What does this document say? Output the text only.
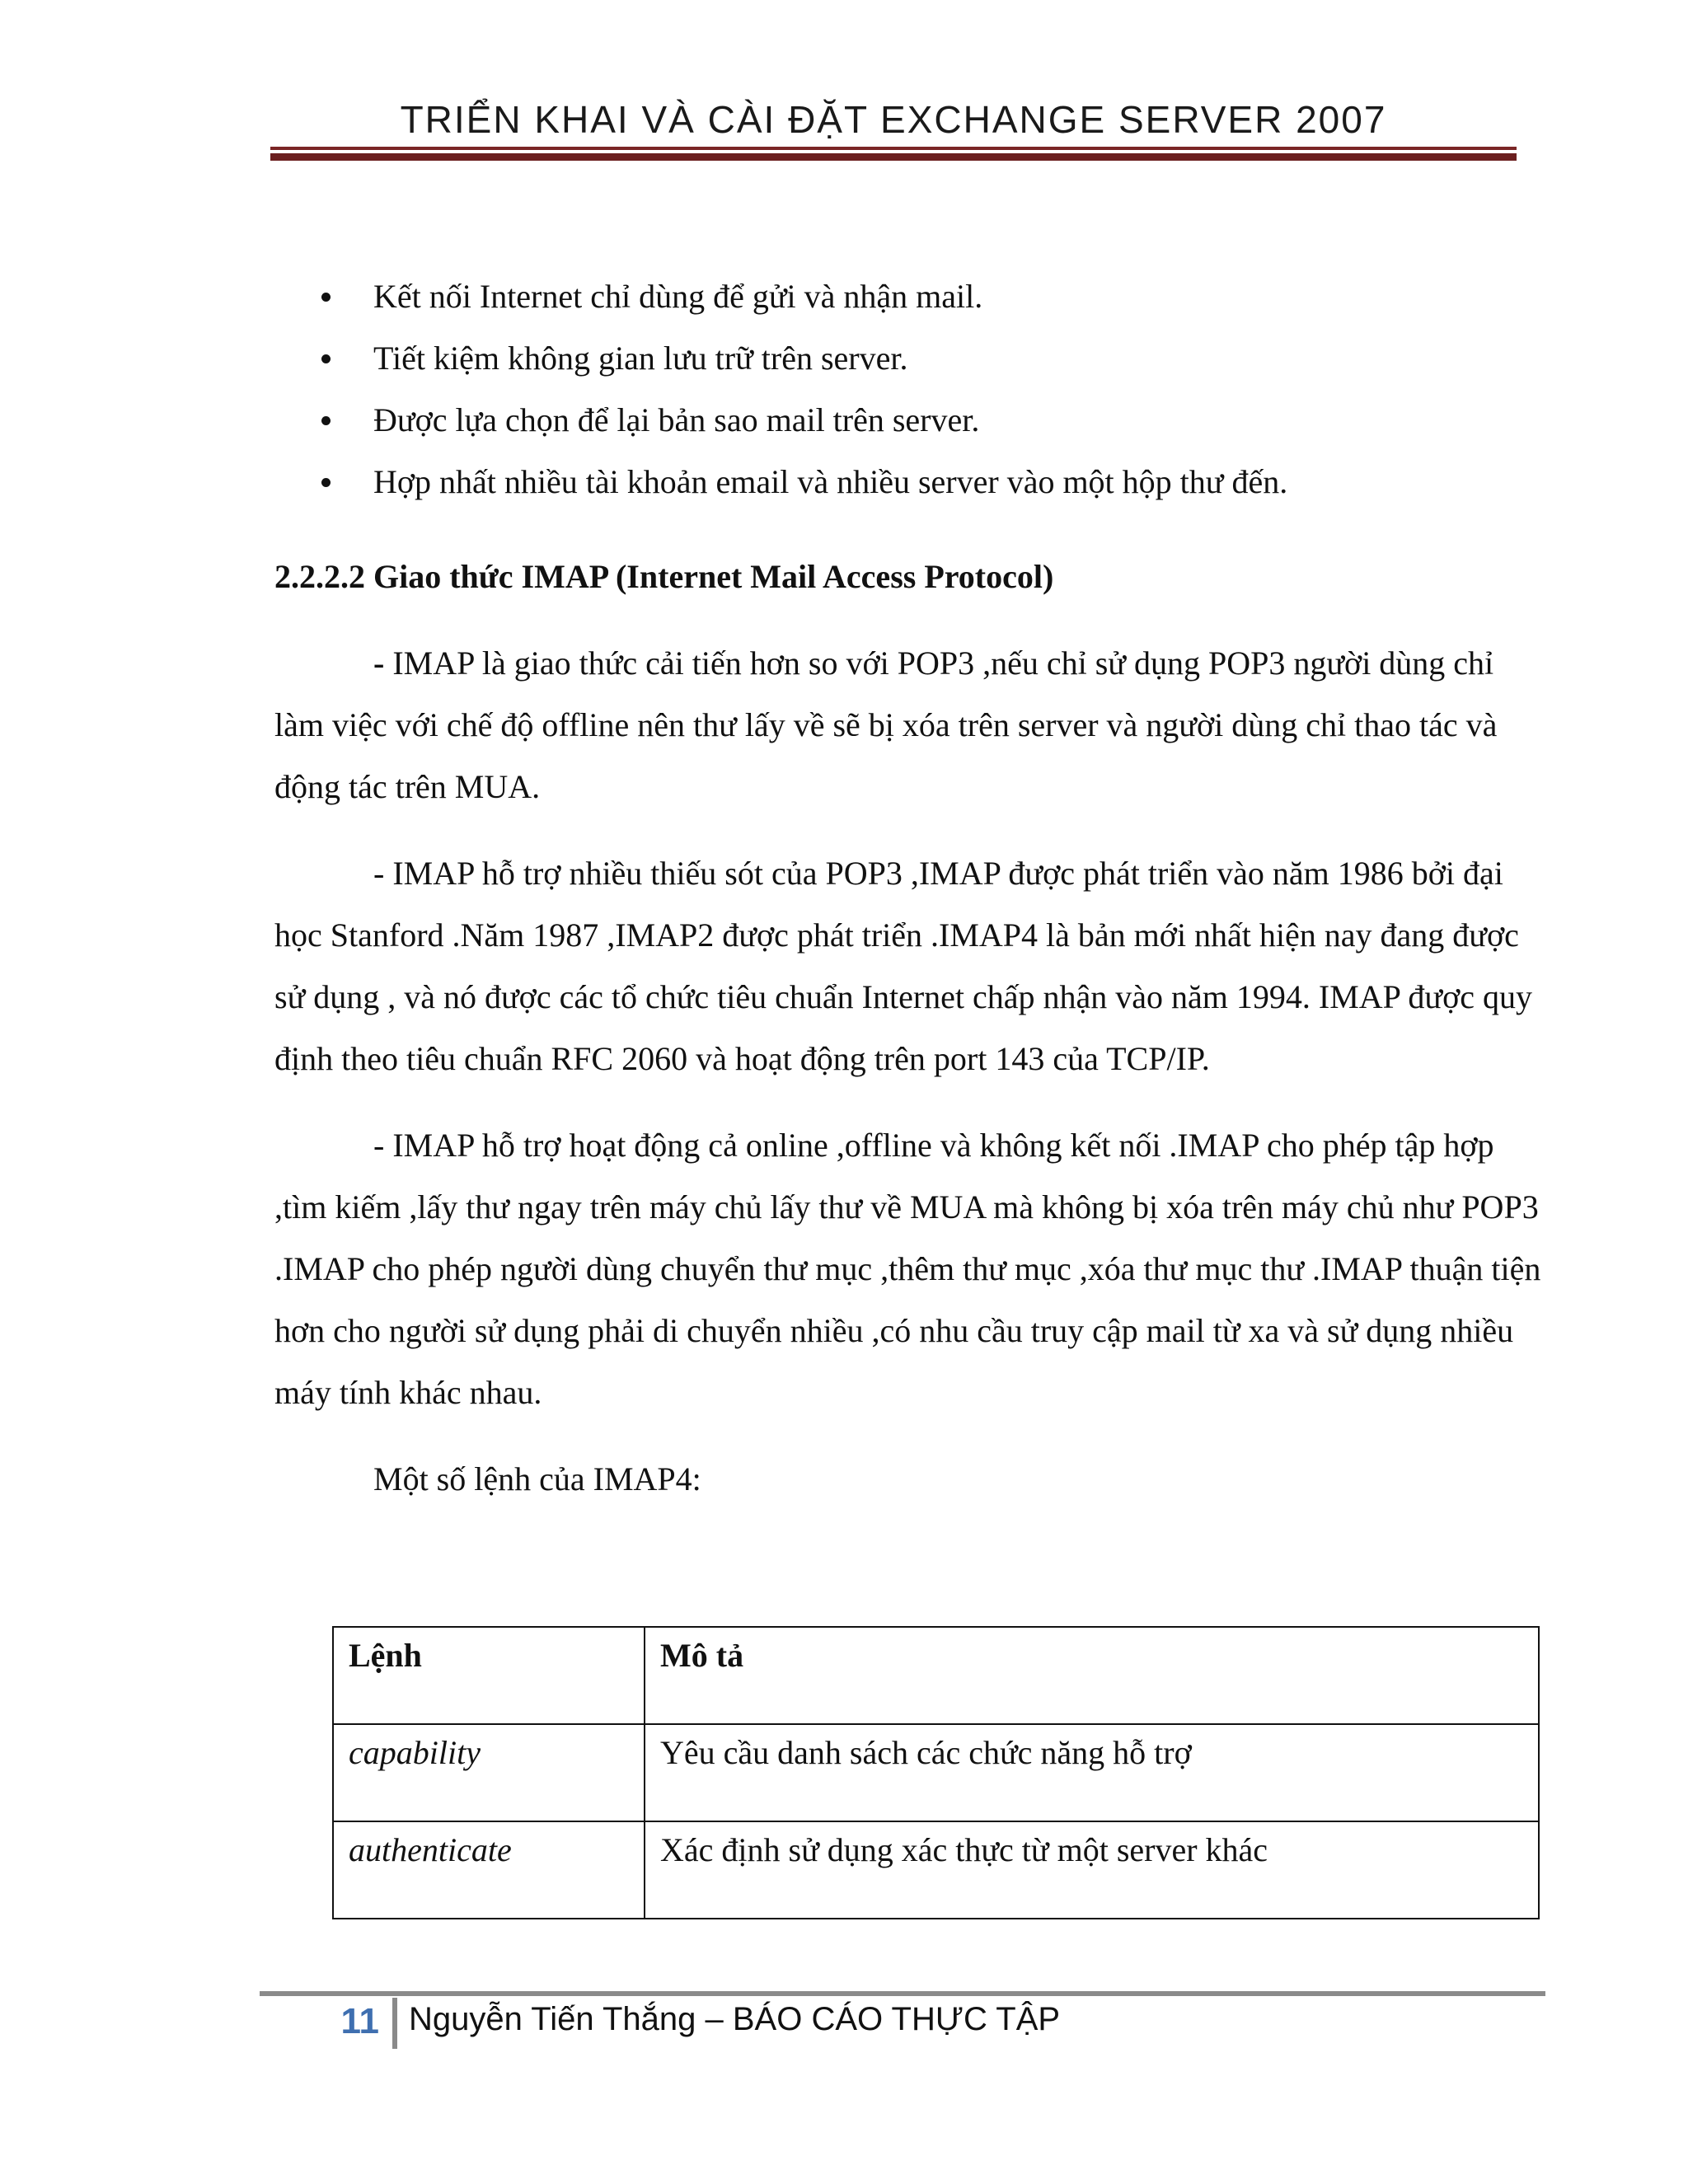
TRIỂN KHAI VÀ CÀI ĐẶT EXCHANGE SERVER 2007
Kết nối Internet chỉ dùng để gửi và nhận mail.
Tiết kiệm không gian lưu trữ trên server.
Được lựa chọn để lại bản sao mail trên server.
Hợp nhất nhiều tài khoản email và nhiều server vào một hộp thư đến.
2.2.2.2 Giao thức IMAP (Internet Mail Access Protocol)

- IMAP là giao thức cải tiến hơn so với POP3 ,nếu chỉ sử dụng POP3 người dùng chỉ làm việc với chế độ offline nên thư lấy về sẽ bị xóa trên server và người dùng chỉ thao tác và động tác trên MUA.

- IMAP hỗ trợ nhiều thiếu sót của POP3 ,IMAP được phát triển vào năm 1986 bởi đại học Stanford .Năm 1987 ,IMAP2 được phát triển .IMAP4 là bản mới nhất hiện nay đang được sử dụng , và nó được các tổ chức tiêu chuẩn Internet chấp nhận vào năm 1994. IMAP được quy định theo tiêu chuẩn RFC 2060 và hoạt động trên port 143 của TCP/IP.

- IMAP hỗ trợ hoạt động cả online ,offline và không kết nối .IMAP cho phép tập hợp ,tìm kiếm ,lấy thư ngay trên máy chủ lấy thư về MUA mà không bị xóa trên máy chủ như POP3 .IMAP cho phép người dùng chuyển thư mục ,thêm thư mục ,xóa thư mục thư .IMAP thuận tiện hơn cho người sử dụng phải di chuyển nhiều ,có nhu cầu truy cập mail từ xa và sử dụng nhiều máy tính khác nhau.

Một số lệnh của IMAP4:
Lệnh	Mô tả
capability	Yêu cầu danh sách các chức năng hỗ trợ
authenticate	Xác định sử dụng xác thực từ một server khác
11 Nguyễn Tiến Thắng – BÁO CÁO THỰC TẬP
